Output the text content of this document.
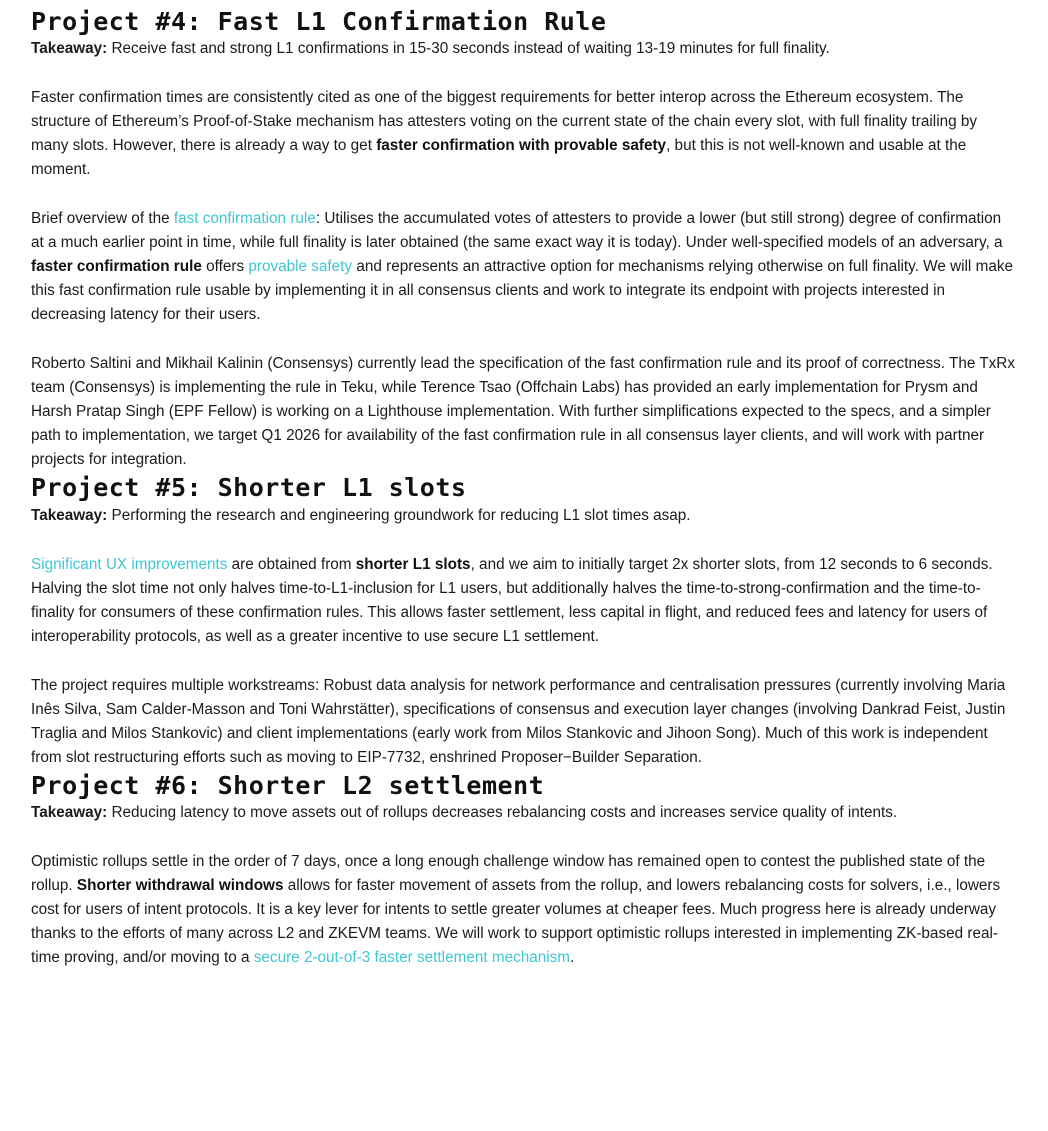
Project #4: Fast L1 Confirmation Rule

Takeaway: Receive fast and strong L1 confirmations in 15-30 seconds instead of waiting 13-19 minutes for full finality.

Faster confirmation times are consistently cited as one of the biggest requirements for better interop across the Ethereum ecosystem. The structure of Ethereum’s Proof-of-Stake mechanism has attesters voting on the current state of the chain every slot, with full finality trailing by many slots. However, there is already a way to get faster confirmation with provable safety, but this is not well-known and usable at the moment.

Brief overview of the fast confirmation rule: Utilises the accumulated votes of attesters to provide a lower (but still strong) degree of confirmation at a much earlier point in time, while full finality is later obtained (the same exact way it is today). Under well-specified models of an adversary, a faster confirmation rule offers provable safety and represents an attractive option for mechanisms relying otherwise on full finality. We will make this fast confirmation rule usable by implementing it in all consensus clients and work to integrate its endpoint with projects interested in decreasing latency for their users.

Roberto Saltini and Mikhail Kalinin (Consensys) currently lead the specification of the fast confirmation rule and its proof of correctness. The TxRx team (Consensys) is implementing the rule in Teku, while Terence Tsao (Offchain Labs) has provided an early implementation for Prysm and Harsh Pratap Singh (EPF Fellow) is working on a Lighthouse implementation. With further simplifications expected to the specs, and a simpler path to implementation, we target Q1 2026 for availability of the fast confirmation rule in all consensus layer clients, and will work with partner projects for integration.

Project #5: Shorter L1 slots

Takeaway: Performing the research and engineering groundwork for reducing L1 slot times asap.

Significant UX improvements are obtained from shorter L1 slots, and we aim to initially target 2x shorter slots, from 12 seconds to 6 seconds. Halving the slot time not only halves time-to-L1-inclusion for L1 users, but additionally halves the time-to-strong-confirmation and the time-to-finality for consumers of these confirmation rules. This allows faster settlement, less capital in flight, and reduced fees and latency for users of interoperability protocols, as well as a greater incentive to use secure L1 settlement.

The project requires multiple workstreams: Robust data analysis for network performance and centralisation pressures (currently involving Maria Inês Silva, Sam Calder-Masson and Toni Wahrstätter), specifications of consensus and execution layer changes (involving Dankrad Feist, Justin Traglia and Milos Stankovic) and client implementations (early work from Milos Stankovic and Jihoon Song). Much of this work is independent from slot restructuring efforts such as moving to EIP-7732, enshrined Proposer−Builder Separation.

Project #6: Shorter L2 settlement

Takeaway: Reducing latency to move assets out of rollups decreases rebalancing costs and increases service quality of intents.

Optimistic rollups settle in the order of 7 days, once a long enough challenge window has remained open to contest the published state of the rollup. Shorter withdrawal windows allows for faster movement of assets from the rollup, and lowers rebalancing costs for solvers, i.e., lowers cost for users of intent protocols. It is a key lever for intents to settle greater volumes at cheaper fees. Much progress here is already underway thanks to the efforts of many across L2 and ZKEVM teams. We will work to support optimistic rollups interested in implementing ZK-based real-time proving, and/or moving to a secure 2-out-of-3 faster settlement mechanism.
